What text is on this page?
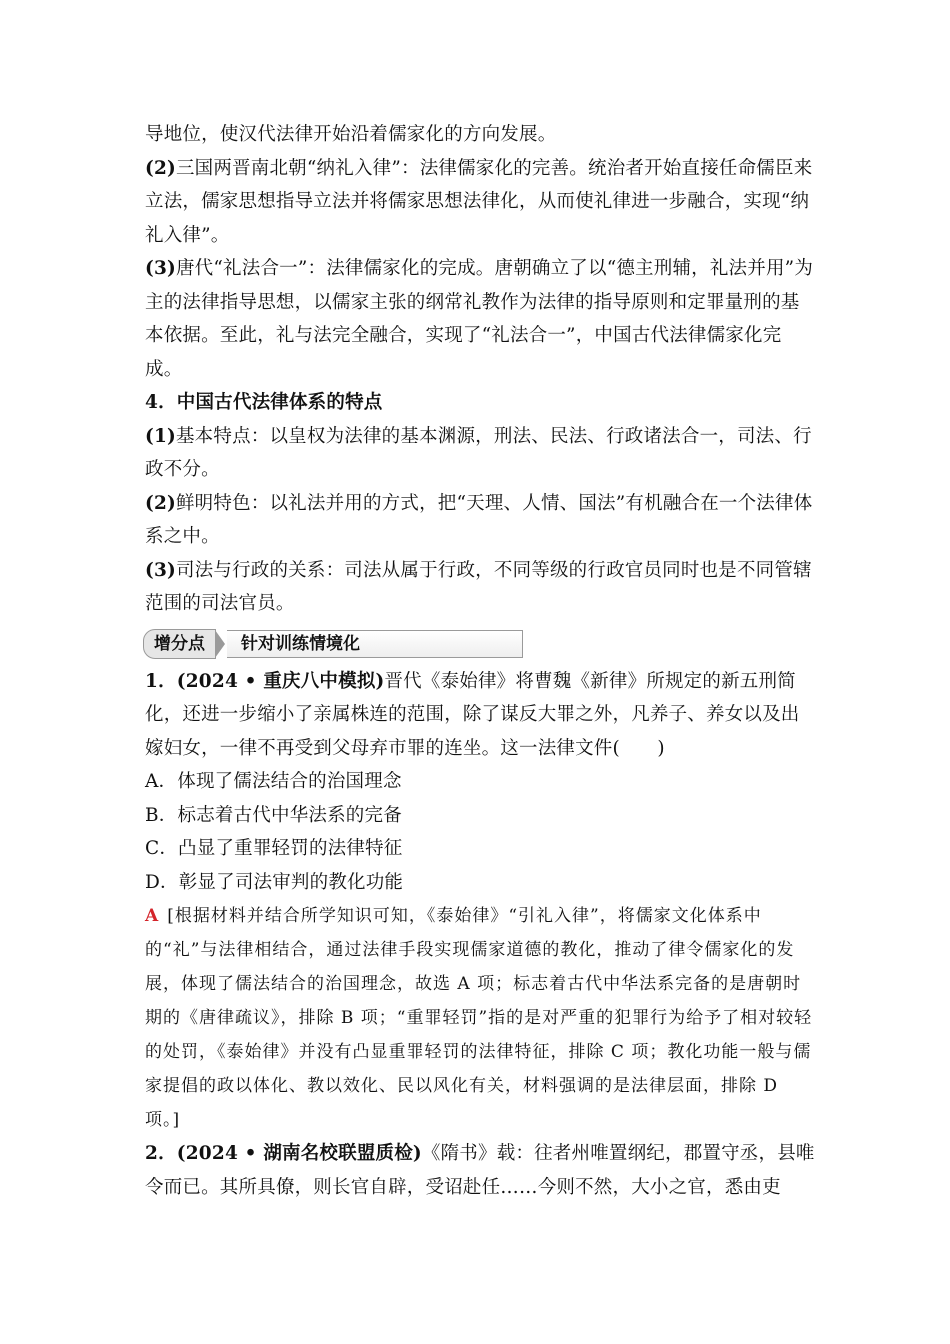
导地位，使汉代法律开始沿着儒家化的方向发展。

(2)三国两晋南北朝“纳礼入律”：法律儒家化的完善。统治者开始直接任命儒臣来立法，儒家思想指导立法并将儒家思想法律化，从而使礼律进一步融合，实现“纳礼入律”。

(3)唐代“礼法合一”：法律儒家化的完成。唐朝确立了以“德主刑辅，礼法并用”为主的法律指导思想，以儒家主张的纲常礼教作为法律的指导原则和定罪量刑的基本依据。至此，礼与法完全融合，实现了“礼法合一”，中国古代法律儒家化完成。

4．中国古代法律体系的特点

(1)基本特点：以皇权为法律的基本渊源，刑法、民法、行政诸法合一，司法、行政不分。

(2)鲜明特色：以礼法并用的方式，把“天理、人情、国法”有机融合在一个法律体系之中。

(3)司法与行政的关系：司法从属于行政，不同等级的行政官员同时也是不同管辖范围的司法官员。

增分点	针对训练情境化

1．(2024 • 重庆八中模拟)晋代《泰始律》将曹魏《新律》所规定的新五刑简化，还进一步缩小了亲属株连的范围，除了谋反大罪之外，凡养子、养女以及出嫁妇女，一律不再受到父母弃市罪的连坐。这一法律文件(　　)

A．体现了儒法结合的治国理念

B．标志着古代中华法系的完备

C．凸显了重罪轻罚的法律特征

D．彰显了司法审判的教化功能

A [根据材料并结合所学知识可知，《泰始律》“引礼入律”，将儒家文化体系中的“礼”与法律相结合，通过法律手段实现儒家道德的教化，推动了律令儒家化的发展，体现了儒法结合的治国理念，故选 A 项；标志着古代中华法系完备的是唐朝时期的《唐律疏议》，排除 B 项；“重罪轻罚”指的是对严重的犯罪行为给予了相对较轻的处罚，《泰始律》并没有凸显重罪轻罚的法律特征，排除 C 项；教化功能一般与儒家提倡的政以体化、教以效化、民以风化有关，材料强调的是法律层面，排除 D 项。]

2．(2024 • 湖南名校联盟质检)《隋书》载：往者州唯置纲纪，郡置守丞，县唯令而已。其所具僚，则长官自辟，受诏赴任……今则不然，大小之官，悉由吏
